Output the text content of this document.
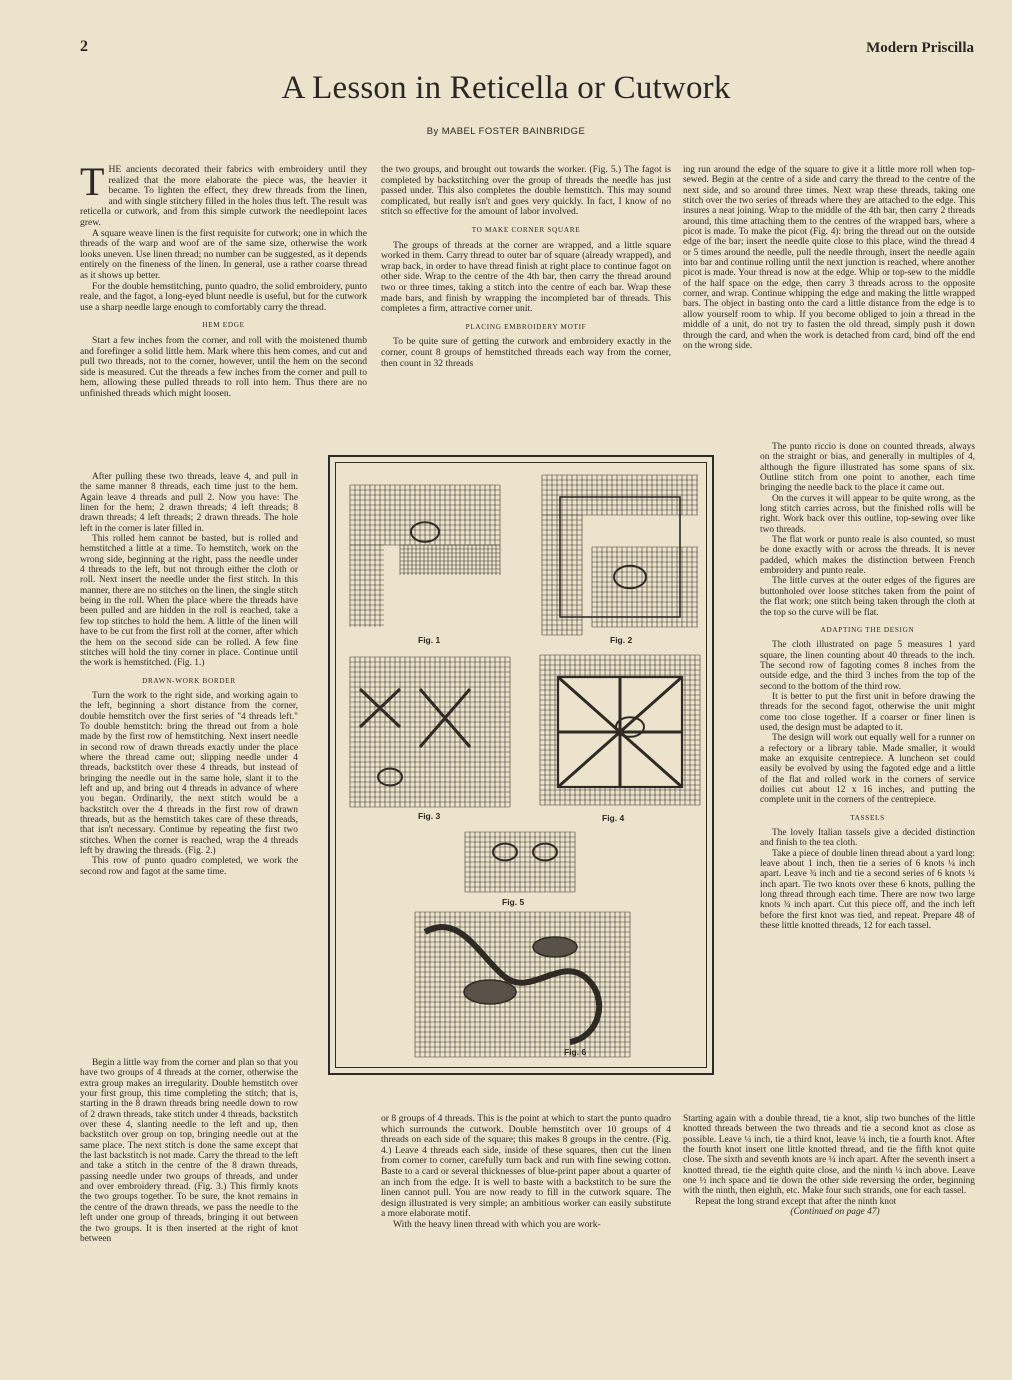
2	Modern Priscilla
A Lesson in Reticella or Cutwork
By MABEL FOSTER BAINBRIDGE

THE ancients decorated their fabrics with embroidery until they realized that the more elaborate the piece was, the heavier it became. To lighten the effect, they drew threads from the linen, and with single stitchery filled in the holes thus left. The result was reticella or cutwork, and from this simple cutwork the needlepoint laces grew.

A square weave linen is the first requisite for cutwork; one in which the threads of the warp and woof are of the same size, otherwise the work looks uneven. Use linen thread; no number can be suggested, as it depends entirely on the fineness of the linen. In general, use a rather coarse thread as it shows up better.

For the double hemstitching, punto quadro, the solid embroidery, punto reale, and the fagot, a long-eyed blunt needle is useful, but for the cutwork use a sharp needle large enough to comfortably carry the thread.

HEM EDGE

Start a few inches from the corner, and roll with the moistened thumb and forefinger a solid little hem. Mark where this hem comes, and cut and pull two threads, not to the corner, however, until the hem on the second side is measured. Cut the threads a few inches from the corner and pull to hem, allowing these pulled threads to roll into hem. Thus there are no unfinished threads which might loosen.

After pulling these two threads, leave 4, and pull in the same manner 8 threads, each time just to the hem. Again leave 4 threads and pull 2. Now you have: The linen for the hem; 2 drawn threads; 4 left threads; 8 drawn threads; 4 left threads; 2 drawn threads. The hole left in the corner is later filled in.

This rolled hem cannot be basted, but is rolled and hemstitched a little at a time. To hemstitch, work on the wrong side, beginning at the right, pass the needle under 4 threads to the left, but not through either the cloth or roll. Next insert the needle under the first stitch. In this manner, there are no stitches on the linen, the single stitch being in the roll. When the place where the threads have been pulled and are hidden in the roll is reached, take a few top stitches to hold the hem. A little of the linen will have to be cut from the first roll at the corner, after which the hem on the second side can be rolled. A few fine stitches will hold the tiny corner in place. Continue until the work is hemstitched. (Fig. 1.)

DRAWN-WORK BORDER

Turn the work to the right side, and working again to the left, beginning a short distance from the corner, double hemstitch over the first series of "4 threads left." To double hemstitch: bring the thread out from a hole made by the first row of hemstitching. Next insert needle in second row of drawn threads exactly under the place where the thread came out; slipping needle under 4 threads, backstitch over these 4 threads, but instead of bringing the needle out in the same hole, slant it to the left and up, and bring out 4 threads in advance of where you began. Ordinarily, the next stitch would be a backstitch over the 4 threads in the first row of drawn threads, but as the hemstitch takes care of these threads, that isn't necessary. Continue by repeating the first two stitches. When the corner is reached, wrap the 4 threads left by drawing the threads. (Fig. 2.)

This row of punto quadro completed, we work the second row and fagot at the same time.

Begin a little way from the corner and plan so that you have two groups of 4 threads at the corner, otherwise the extra group makes an irregularity. Double hemstitch over your first group, this time completing the stitch; that is, starting in the 8 drawn threads bring needle down to row of 2 drawn threads, take stitch under 4 threads, backstitch over these 4, slanting needle to the left and up, then backstitch over group on top, bringing needle out at the same place. The next stitch is done the same except that the last backstitch is not made. Carry the thread to the left and take a stitch in the centre of the 8 drawn threads, passing needle under two groups of threads, and under and over embroidery thread. (Fig. 3.) This firmly knots the two groups together. To be sure, the knot remains in the centre of the drawn threads, we pass the needle to the left under one group of threads, bringing it out between the two groups. It is then inserted at the right of knot between

the two groups, and brought out towards the worker. (Fig. 5.) The fagot is completed by backstitching over the group of threads the needle has just passed under. This also completes the double hemstitch. This may sound complicated, but really isn't and goes very quickly. In fact, I know of no stitch so effective for the amount of labor involved.

TO MAKE CORNER SQUARE

The groups of threads at the corner are wrapped, and a little square worked in them. Carry thread to outer bar of square (already wrapped), and wrap back, in order to have thread finish at right place to continue fagot on other side. Wrap to the centre of the 4th bar, then carry the thread around two or three times, taking a stitch into the centre of each bar. Wrap these made bars, and finish by wrapping the incompleted bar of threads. This completes a firm, attractive corner unit.

PLACING EMBROIDERY MOTIF

To be quite sure of getting the cutwork and embroidery exactly in the corner, count 8 groups of hemstitched threads each way from the corner, then count in 32 threads

or 8 groups of 4 threads. This is the point at which to start the punto quadro which surrounds the cutwork. Double hemstitch over 10 groups of 4 threads on each side of the square; this makes 8 groups in the centre. (Fig. 4.) Leave 4 threads each side, inside of these squares, then cut the linen from corner to corner, carefully turn back and run with fine sewing cotton. Baste to a card or several thicknesses of blue-print paper about a quarter of an inch from the edge. It is well to baste with a backstitch to be sure the linen cannot pull. You are now ready to fill in the cutwork square. The design illustrated is very simple; an ambitious worker can easily substitute a more elaborate motif.

With the heavy linen thread with which you are work-

ing run around the edge of the square to give it a little more roll when top-sewed. Begin at the centre of a side and carry the thread to the centre of the next side, and so around three times. Next wrap these threads, taking one stitch over the two series of threads where they are attached to the edge. This insures a neat joining. Wrap to the middle of the 4th bar, then carry 2 threads around, this time attaching them to the centres of the wrapped bars, where a picot is made. To make the picot (Fig. 4): bring the thread out on the outside edge of the bar; insert the needle quite close to this place, wind the thread 4 or 5 times around the needle, pull the needle through, insert the needle again into bar and continue rolling until the next junction is reached, where another picot is made. Your thread is now at the edge. Whip or top-sew to the middle of the half space on the edge, then carry 3 threads across to the opposite corner, and wrap. Continue whipping the edge and making the little wrapped bars. The object in basting onto the card a little distance from the edge is to allow yourself room to whip. If you become obliged to join a thread in the middle of a unit, do not try to fasten the old thread, simply push it down through the card, and when the work is detached from card, bind off the end on the wrong side.

The punto riccio is done on counted threads, always on the straight or bias, and generally in multiples of 4, although the figure illustrated has some spans of six. Outline stitch from one point to another, each time bringing the needle back to the place it came out.

On the curves it will appear to be quite wrong, as the long stitch carries across, but the finished rolls will be right. Work back over this outline, top-sewing over like two threads.

The flat work or punto reale is also counted, so must be done exactly with or across the threads. It is never padded, which makes the distinction between French embroidery and punto reale.

The little curves at the outer edges of the figures are buttonholed over loose stitches taken from the point of the flat work; one stitch being taken through the cloth at the top so the curve will be flat.

ADAPTING THE DESIGN

The cloth illustrated on page 5 measures 1 yard square, the linen counting about 40 threads to the inch. The second row of fagoting comes 8 inches from the outside edge, and the third 3 inches from the top of the second to the bottom of the third row.

It is better to put the first unit in before drawing the threads for the second fagot, otherwise the unit might come too close together. If a coarser or finer linen is used, the design must be adapted to it.

The design will work out equally well for a runner on a refectory or a library table. Made smaller, it would make an exquisite centrepiece. A luncheon set could easily be evolved by using the fagoted edge and a little of the flat and rolled work in the corners of service doilies cut about 12 x 16 inches, and putting the complete unit in the corners of the centrepiece.

TASSELS

The lovely Italian tassels give a decided distinction and finish to the tea cloth.

Take a piece of double linen thread about a yard long: leave about 1 inch, then tie a series of 6 knots ¼ inch apart. Leave ¾ inch and tie a second series of 6 knots ¼ inch apart. Tie two knots over these 6 knots, pulling the long thread through each time. There are now two large knots ¾ inch apart. Cut this piece off, and the inch left before the first knot was tied, and repeat. Prepare 48 of these little knotted threads, 12 for each tassel.

Starting again with a double thread, tie a knot, slip two bunches of the little knotted threads between the two threads and tie a second knot as close as possible. Leave ¼ inch, tie a third knot, leave ¼ inch, tie a fourth knot. After the fourth knot insert one little knotted thread, and tie the fifth knot quite close. The sixth and seventh knots are ¼ inch apart. After the seventh insert a knotted thread, tie the eighth quite close, and the ninth ¼ inch above. Leave one ½ inch space and tie down the other side reversing the order, beginning with the ninth, then eighth, etc. Make four such strands, one for each tassel.

Repeat the long strand except that after the ninth knot

(Continued on page 47)

Fig. 1	Fig. 2
Fig. 3	Fig. 4
Fig. 5
Fig. 6
